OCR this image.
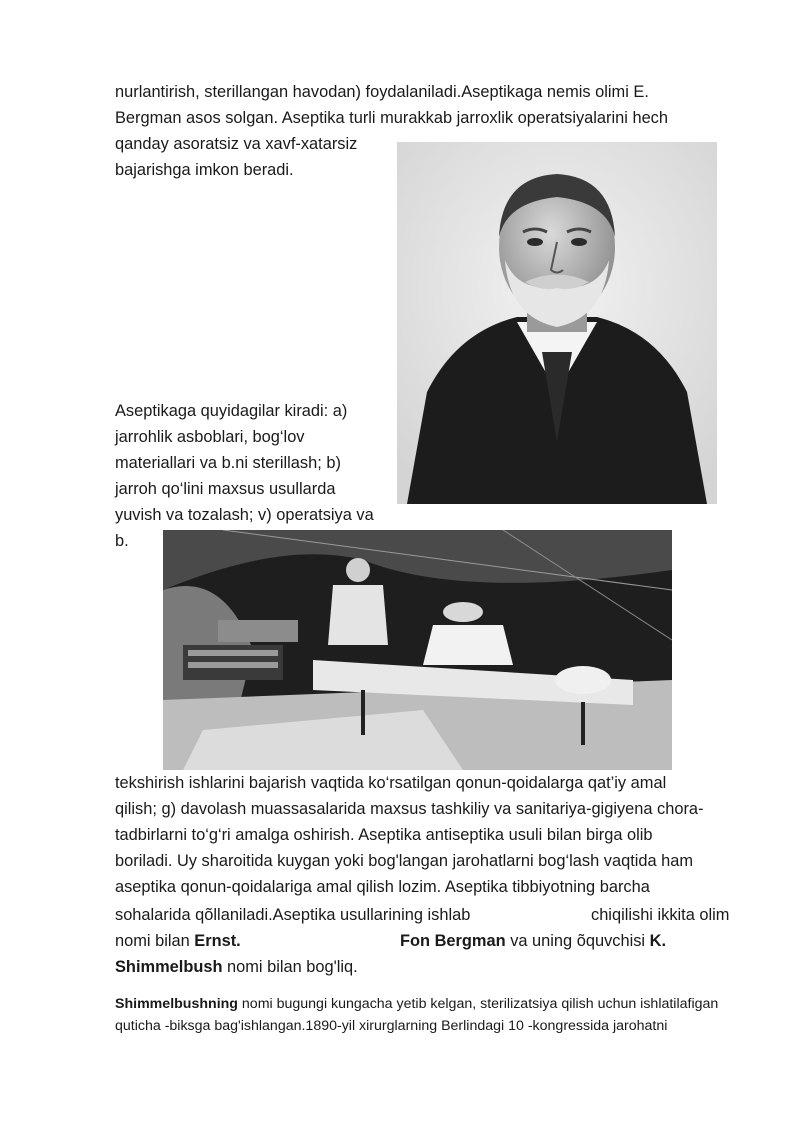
nurlantirish, sterillangan havodan) foydalaniladi.Aseptikaga nemis olimi E.
Bergman asos solgan. Aseptika turli murakkab jarroxlik operatsiyalarini hech
qanday asoratsiz va xavf-xatarsiz
bajarishga imkon beradi.
Aseptikaga quyidagilar kiradi: a)
jarrohlik asboblari, bog‘lov
materiallari va b.ni sterillash; b)
jarroh qo‘lini maxsus usullarda
yuvish va tozalash; v) operatsiya va
b.
tekshirish ishlarini bajarish vaqtida ko‘rsatilgan qonun-qoidalarga qat’iy amal
qilish; g) davolash muassasalarida maxsus tashkiliy va sanitariya-gigiyena chora-
tadbirlarni to‘g‘ri amalga oshirish. Aseptika antiseptika usuli bilan birga olib
boriladi. Uy sharoitida kuygan yoki bog'langan jarohatlarni bog‘lash vaqtida ham
aseptika qonun-qoidalariga amal qilish lozim. Aseptika tibbiyotning barcha
sohalarida qõllaniladi.Aseptika usullarining ishlab	chiqilishi ikkita olim
nomi bilan Ernst.	Fon Bergman va uning õquvchisi K.
Shimmelbush nomi bilan bog'liq.
Shimmelbushning nomi bugungi kungacha yetib kelgan, sterilizatsiya qilish uchun ishlatilafigan
quticha -biksga bag'ishlangan.1890-yil xirurglarning Berlindagi 10 -kongressida jarohatni
